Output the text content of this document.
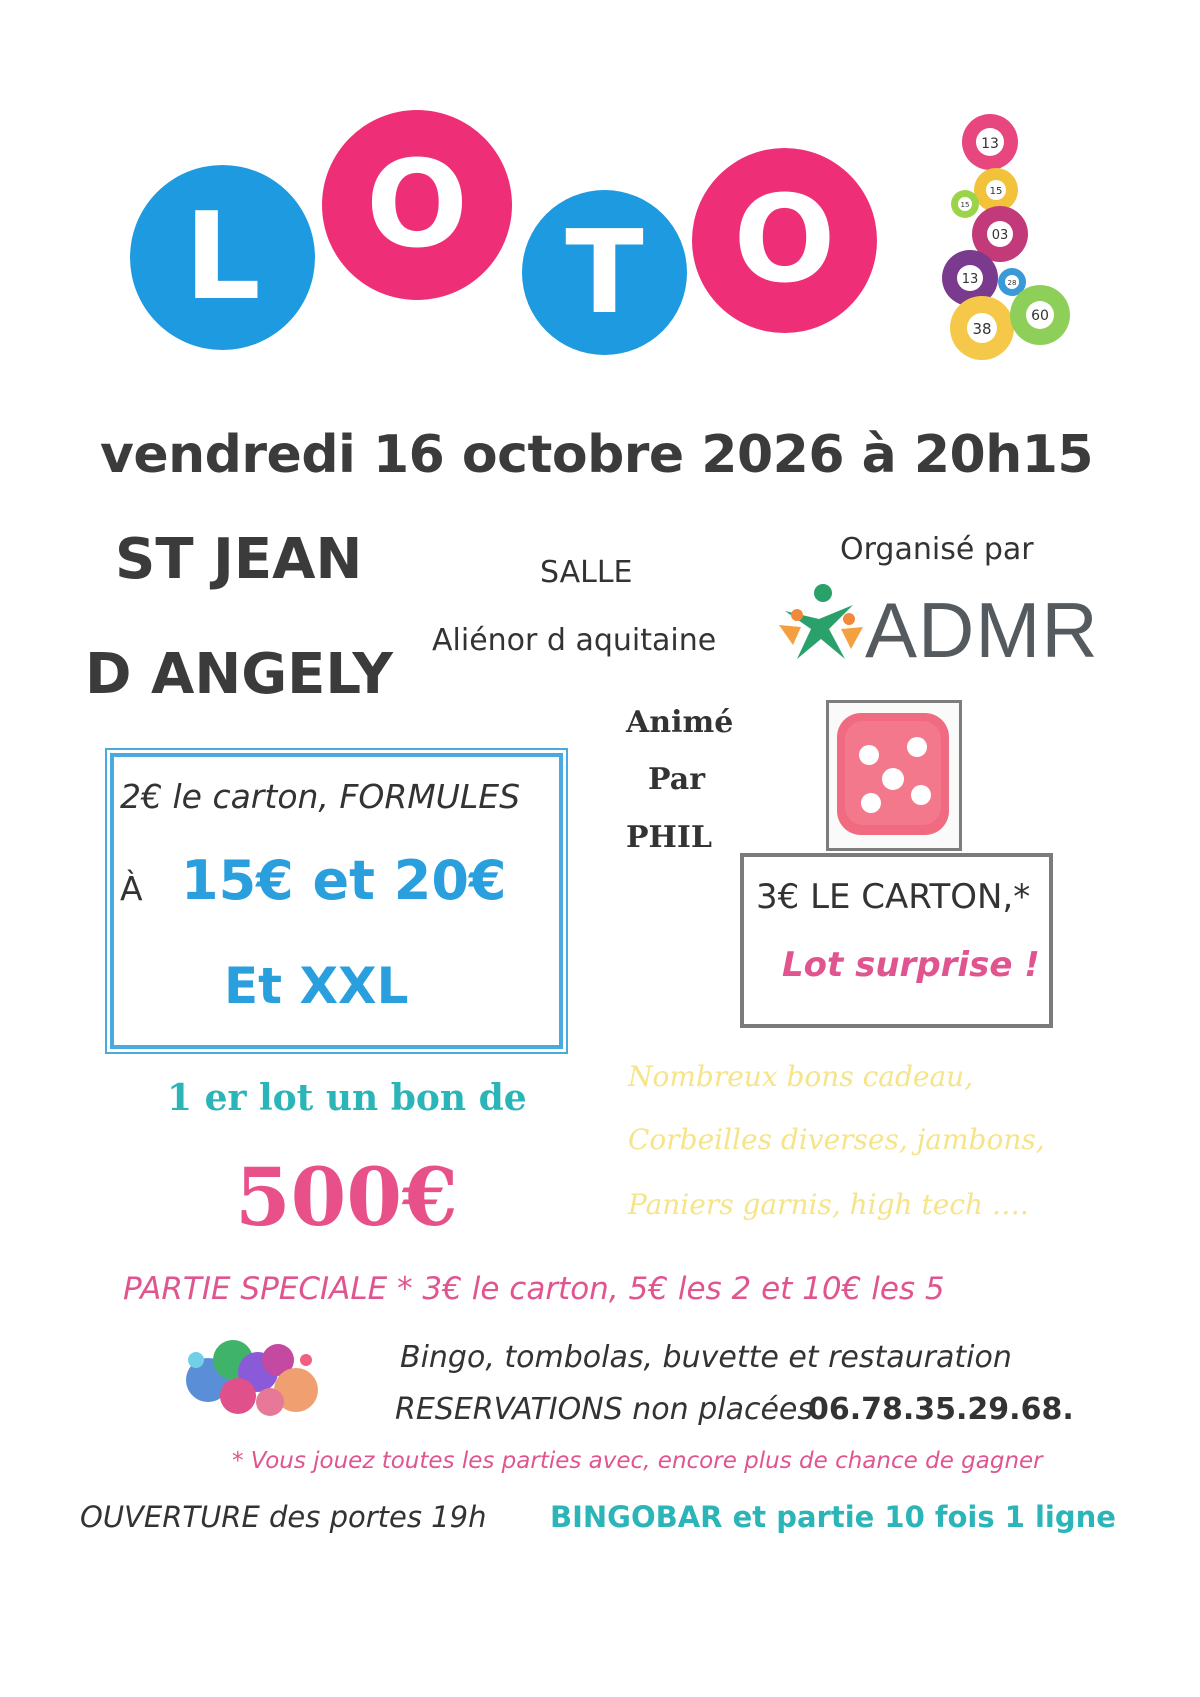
L O T O
13
15
15
03
13	28
38
60
vendredi 16 octobre 2026 à 20h15
ST JEAN
D ANGELY
SALLE
Aliénor d aquitaine
Organisé par
ADMR
Animé
Par
PHIL
2€ le carton, FORMULES
À 15€ et 20€
Et XXL
3€ LE CARTON,*
Lot surprise !
1 er lot un bon de
500€
Nombreux bons cadeau,
Corbeilles diverses, jambons,
Paniers garnis, high tech ….
PARTIE SPECIALE * 3€ le carton, 5€ les 2 et 10€ les 5
Bingo, tombolas, buvette et restauration
RESERVATIONS non placées
06.78.35.29.68.
* Vous jouez toutes les parties avec, encore plus de chance de gagner
OUVERTURE des portes 19h BINGOBAR et partie 10 fois 1 ligne
